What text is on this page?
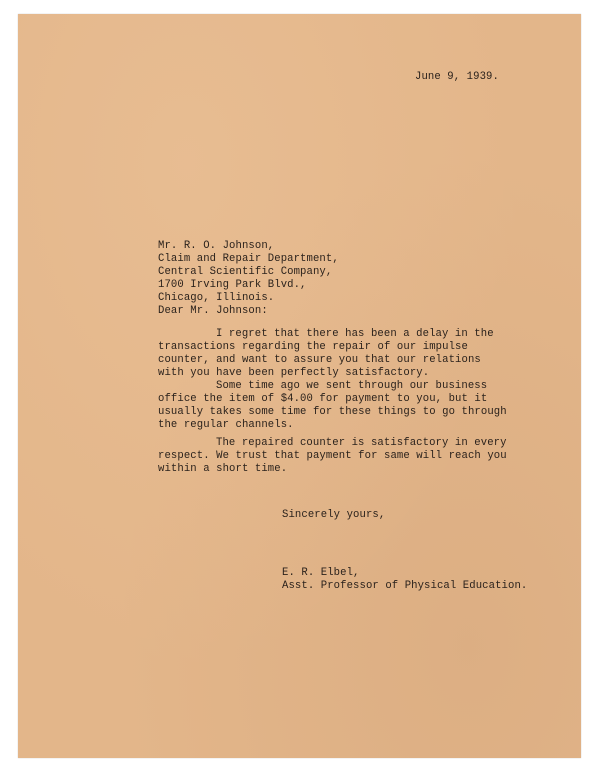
June 9, 1939.
Mr. R. O. Johnson,
Claim and Repair Department,
Central Scientific Company,
1700 Irving Park Blvd.,
Chicago, Illinois.
Dear Mr. Johnson:
I regret that there has been a delay in the
transactions regarding the repair of our impulse
counter, and want to assure you that our relations
with you have been perfectly satisfactory.
Some time ago we sent through our business
office the item of $4.00 for payment to you, but it
usually takes some time for these things to go through
the regular channels.
The repaired counter is satisfactory in every
respect. We trust that payment for same will reach you
within a short time.
Sincerely yours,
E. R. Elbel,
Asst. Professor of Physical Education.
